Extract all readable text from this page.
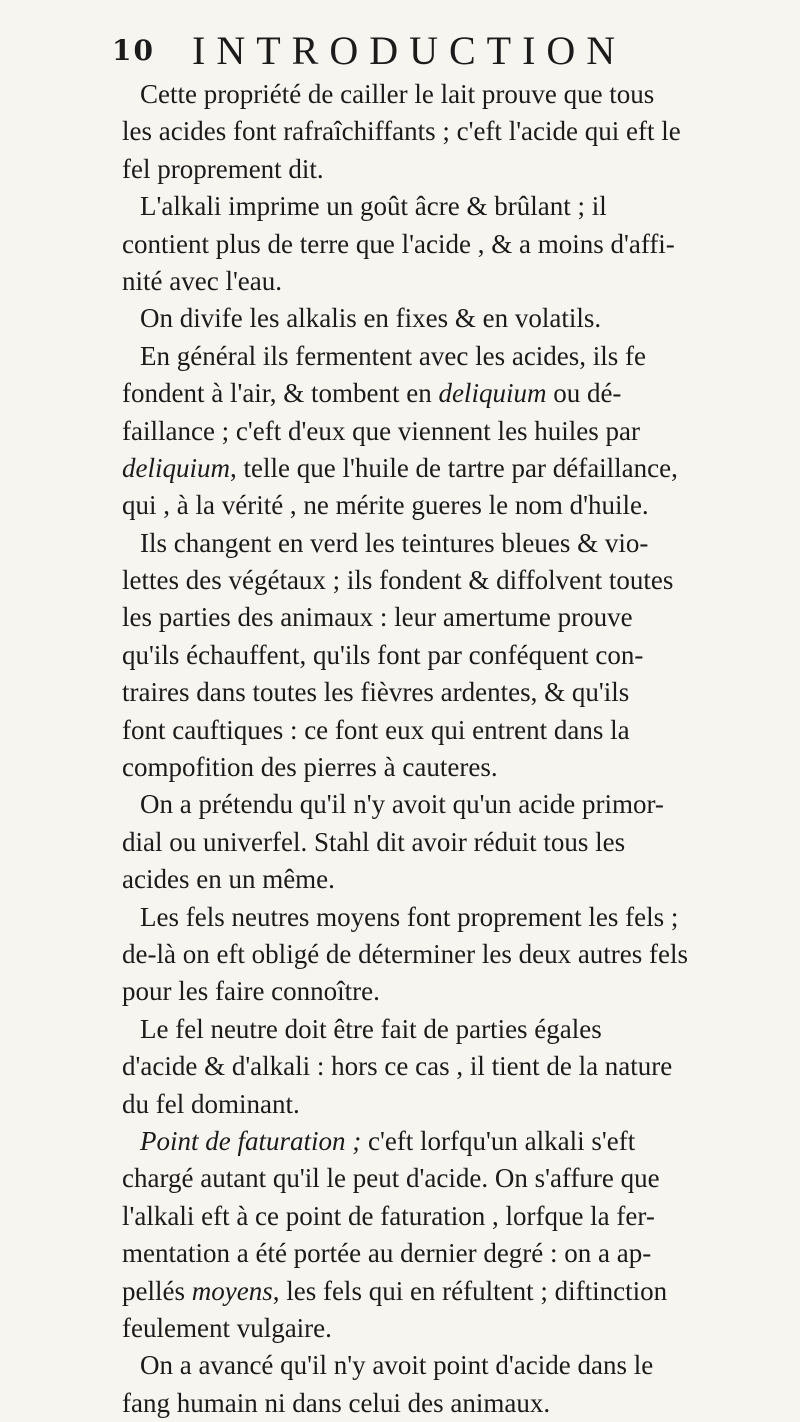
10 INTRODUCTION
Cette propriété de cailler le lait prouve que tous
les acides font rafraîchiffants ; c'eft l'acide qui eft le
fel proprement dit.
L'alkali imprime un goût âcre & brûlant ; il
contient plus de terre que l'acide , & a moins d'affi-
nité avec l'eau.
On divife les alkalis en fixes & en volatils.
En général ils fermentent avec les acides, ils fe
fondent à l'air, & tombent en deliquium ou dé-
faillance ; c'eft d'eux que viennent les huiles par
deliquium, telle que l'huile de tartre par défaillance,
qui , à la vérité , ne mérite gueres le nom d'huile.
Ils changent en verd les teintures bleues & vio-
lettes des végétaux ; ils fondent & diffolvent toutes
les parties des animaux : leur amertume prouve
qu'ils échauffent, qu'ils font par conféquent con-
traires dans toutes les fièvres ardentes, & qu'ils
font cauftiques : ce font eux qui entrent dans la
compofition des pierres à cauteres.
On a prétendu qu'il n'y avoit qu'un acide primor-
dial ou univerfel. Stahl dit avoir réduit tous les
acides en un même.
Les fels neutres moyens font proprement les fels ;
de-là on eft obligé de déterminer les deux autres fels
pour les faire connoître.
Le fel neutre doit être fait de parties égales
d'acide & d'alkali : hors ce cas , il tient de la nature
du fel dominant.
Point de faturation ; c'eft lorfqu'un alkali s'eft
chargé autant qu'il le peut d'acide. On s'affure que
l'alkali eft à ce point de faturation , lorfque la fer-
mentation a été portée au dernier degré : on a ap-
pellés moyens, les fels qui en réfultent ; diftinction
feulement vulgaire.
On a avancé qu'il n'y avoit point d'acide dans le
fang humain ni dans celui des animaux.
